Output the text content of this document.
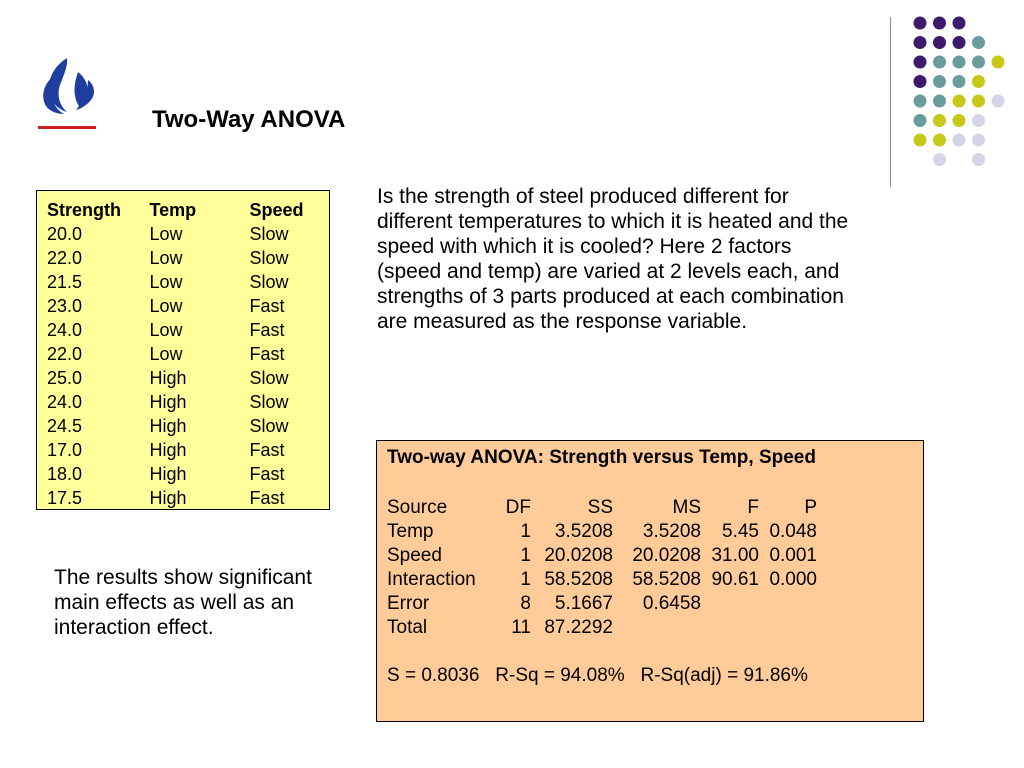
Two-Way ANOVA
Strength	Temp	Speed
20.0	Low	Slow
22.0	Low	Slow
21.5	Low	Slow
23.0	Low	Fast
24.0	Low	Fast
22.0	Low	Fast
25.0	High	Slow
24.0	High	Slow
24.5	High	Slow
17.0	High	Fast
18.0	High	Fast
17.5	High	Fast
Is the strength of steel produced different for different temperatures to which it is heated and the speed with which it is cooled? Here 2 factors (speed and temp) are varied at 2 levels each, and strengths of 3 parts produced at each combination are measured as the response variable.
The results show significant main effects as well as an interaction effect.
Two-way ANOVA: Strength versus Temp, Speed
Source	DF	SS	MS	F	P
Temp	1	3.5208	3.5208	5.45	0.048
Speed	1	20.0208	20.0208	31.00	0.001
Interaction	1	58.5208	58.5208	90.61	0.000
Error	8	5.1667	0.6458		
Total	11	87.2292			
S = 0.8036   R-Sq = 94.08%   R-Sq(adj) = 91.86%
